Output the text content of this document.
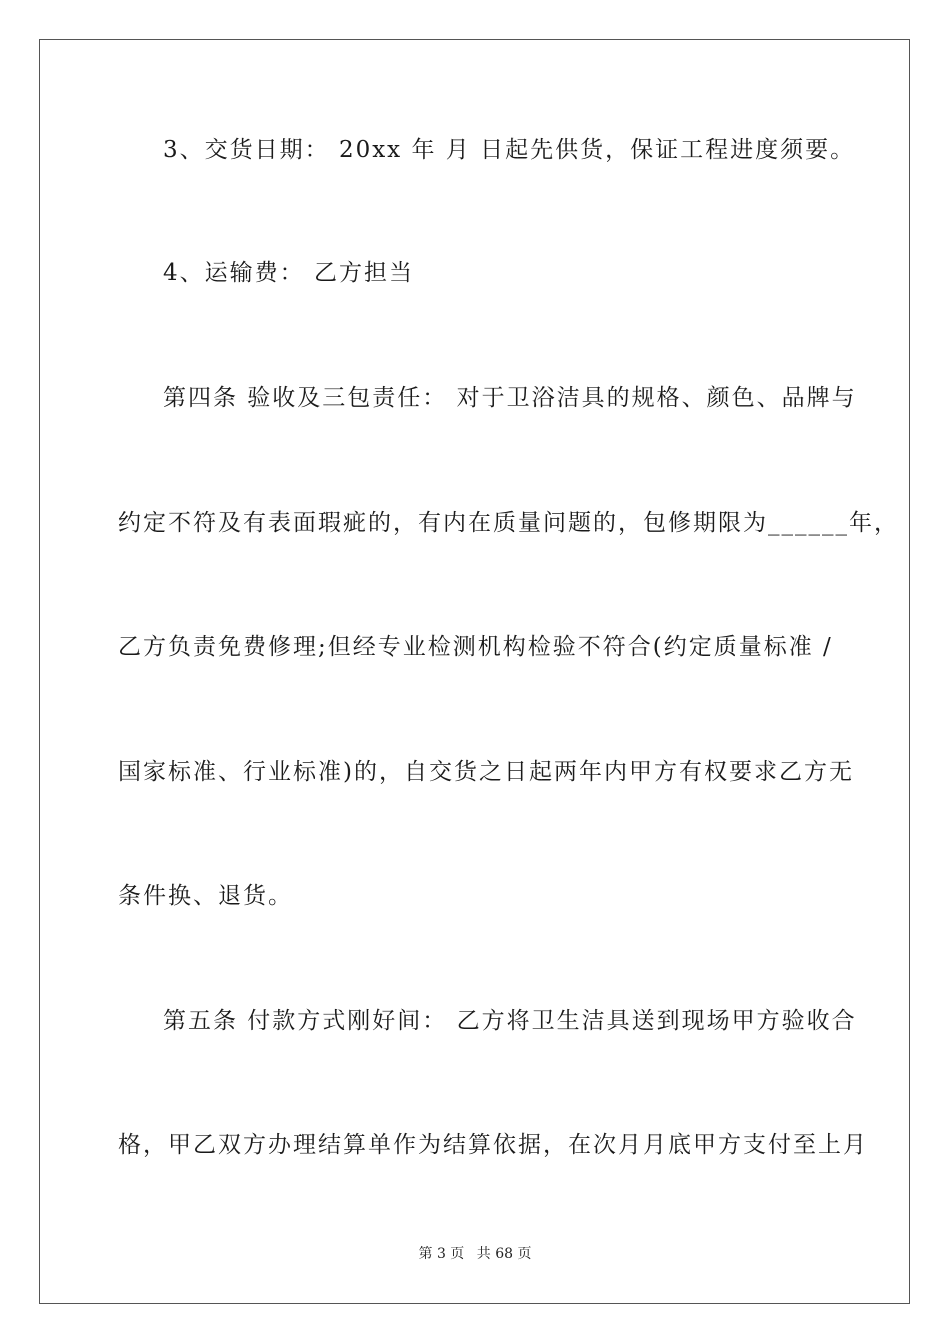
3、交货日期： 20xx 年 月 日起先供货，保证工程进度须要。
4、运输费： 乙方担当
第四条 验收及三包责任： 对于卫浴洁具的规格、颜色、品牌与
约定不符及有表面瑕疵的，有内在质量问题的，包修期限为______年，
乙方负责免费修理;但经专业检测机构检验不符合(约定质量标准 /
国家标准、行业标准)的，自交货之日起两年内甲方有权要求乙方无
条件换、退货。
第五条 付款方式刚好间： 乙方将卫生洁具送到现场甲方验收合
格，甲乙双方办理结算单作为结算依据，在次月月底甲方支付至上月
第 3 页 共 68 页
